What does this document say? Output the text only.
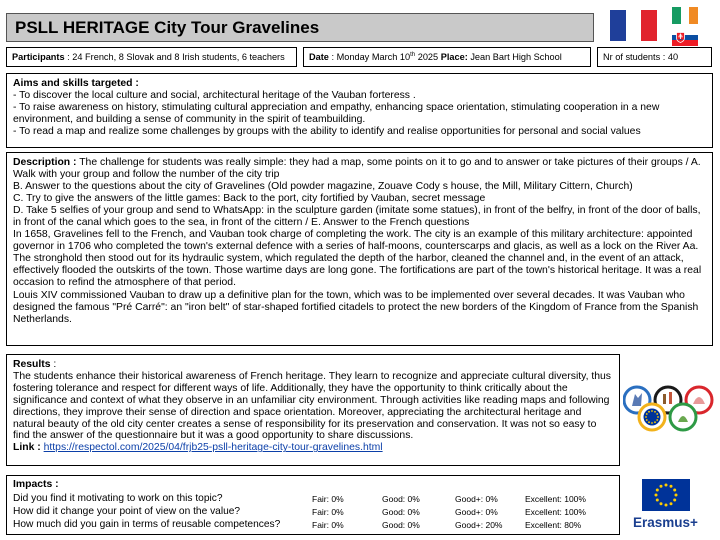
PSLL HERITAGE City Tour Gravelines
Participants : 24 French, 8 Slovak and 8 Irish students, 6 teachers	Date : Monday March 10th 2025 Place: Jean Bart High School	Nr of students : 40
Aims and skills targeted :
- To discover the local culture and social, architectural heritage of the Vauban forteress .
- To raise awareness on history, stimulating cultural appreciation and empathy, enhancing space orientation, stimulating cooperation in a new environment, and building a sense of community in the spirit of teambuilding.
- To read a map and realize some challenges by groups with the ability to identify and realise opportunities for personal and social values
Description : The challenge for students was really simple: they had a map, some points on it to go and to answer or take pictures of their groups / A. Walk with your group and follow the number of the city trip
B. Answer to the questions about the city of Gravelines (Old powder magazine, Zouave Cody s house, the Mill, Military Cittern, Church)
C. Try to give the answers of the little games: Back to the port, city fortified by Vauban, secret message
D. Take 5 selfies of your group and send to WhatsApp: in the sculpture garden (imitate some statues), in front of the belfry, in front of the door of balls, in front of the canal which goes to the sea, in front of the cittern / E. Answer to the French questions
In 1658, Gravelines fell to the French, and Vauban took charge of completing the work. The city is an example of this military architecture: appointed governor in 1706 who completed the town's external defence with a series of half-moons, counterscarps and glacis, as well as a lock on the River Aa. The stronghold then stood out for its hydraulic system, which regulated the depth of the harbor, cleaned the channel and, in the event of an attack, effectively flooded the outskirts of the town. Those wartime days are long gone. The fortifications are part of the town's historical heritage. It was a real occasion to refind the atmosphere of that period.
Louis XIV commissioned Vauban to draw up a definitive plan for the town, which was to be implemented over several decades. It was Vauban who designed the famous "Pré Carré": an "iron belt" of star-shaped fortified citadels to protect the new borders of the Kingdom of France from the Spanish Netherlands.
Results :
The students enhance their historical awareness of French heritage. They learn to recognize and appreciate cultural diversity, thus fostering tolerance and respect for different ways of life. Additionally, they have the opportunity to think critically about the significance and context of what they observe in an unfamiliar city environment. Through activities like reading maps and following directions, they improve their sense of direction and space orientation. Moreover, appreciating the architectural heritage and natural beauty of the old city center creates a sense of responsibility for its preservation and conservation. It was not so easy to find the answer of the questionnaire but it was a good opportunity to share discussions.
Link : https://respectol.com/2025/04/frjb25-psll-heritage-city-tour-gravelines.html
Impacts :
Did you find it motivating to work on this topic?	Fair: 0%	Good: 0%	Good+: 0%	Excellent: 100%
How did it change your point of view on the value?	Fair: 0%	Good: 0%	Good+: 0%	Excellent: 100%
How much did you gain in terms of reusable competences?	Fair: 0%	Good: 0%	Good+: 20%	Excellent: 80%	Erasmus+
